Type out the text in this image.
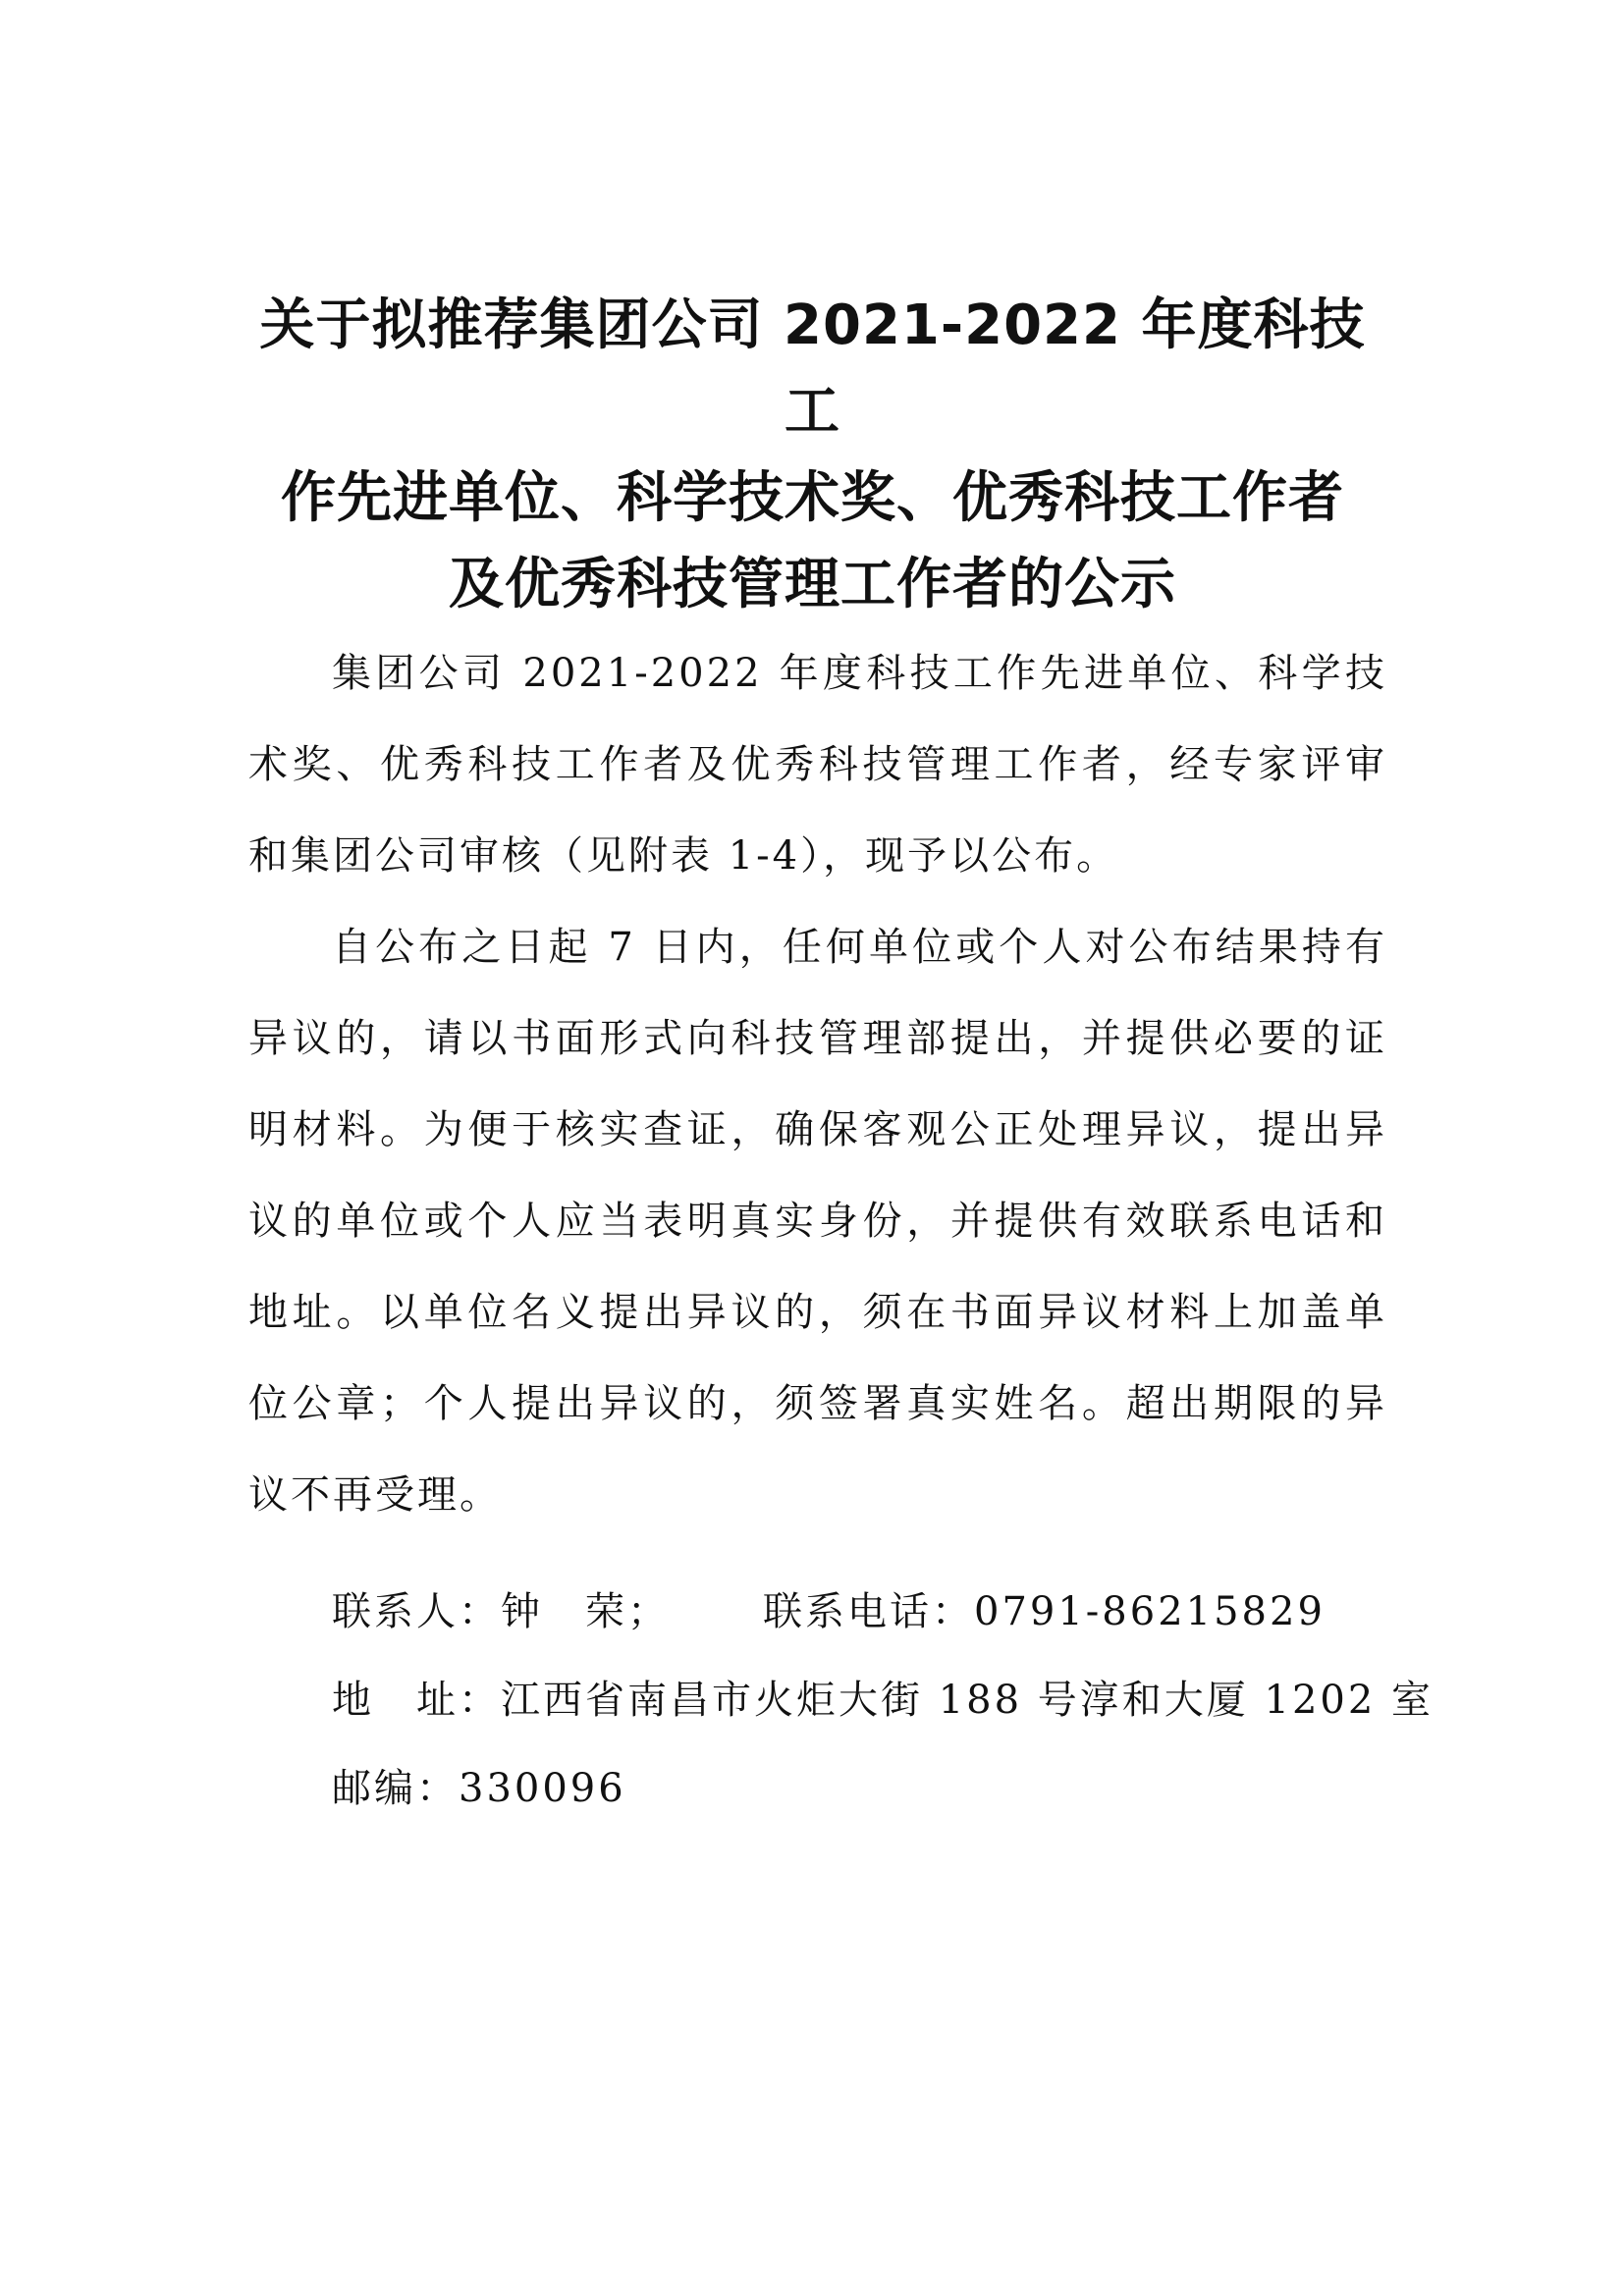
关于拟推荐集团公司 2021-2022 年度科技工
作先进单位、科学技术奖、优秀科技工作者
及优秀科技管理工作者的公示

集团公司 2021-2022 年度科技工作先进单位、科学技术奖、优秀科技工作者及优秀科技管理工作者，经专家评审和集团公司审核（见附表 1-4），现予以公布。

自公布之日起 7 日内，任何单位或个人对公布结果持有异议的，请以书面形式向科技管理部提出，并提供必要的证明材料。为便于核实查证，确保客观公正处理异议，提出异议的单位或个人应当表明真实身份，并提供有效联系电话和地址。以单位名义提出异议的，须在书面异议材料上加盖单位公章；个人提出异议的，须签署真实姓名。超出期限的异议不再受理。

联系人：钟　荣； 联系电话：0791-86215829
地　址：江西省南昌市火炬大街 188 号淳和大厦 1202 室
邮编：330096
